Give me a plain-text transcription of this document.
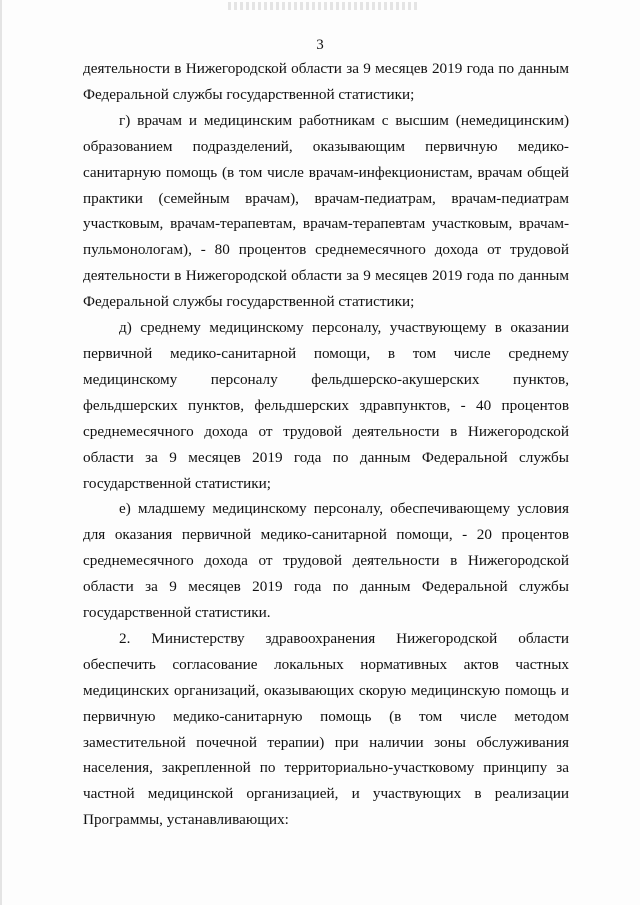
3

деятельности в Нижегородской области за 9 месяцев 2019 года по данным Федеральной службы государственной статистики;

г) врачам и медицинским работникам с высшим (немедицинским) образованием подразделений, оказывающим первичную медико-санитарную помощь (в том числе врачам-инфекционистам, врачам общей практики (семейным врачам), врачам-педиатрам, врачам-педиатрам участковым, врачам-терапевтам, врачам-терапевтам участковым, врачам-пульмонологам), - 80 процентов среднемесячного дохода от трудовой деятельности в Нижегородской области за 9 месяцев 2019 года по данным Федеральной службы государственной статистики;

д) среднему медицинскому персоналу, участвующему в оказании первичной медико-санитарной помощи, в том числе среднему медицинскому персоналу фельдшерско-акушерских пунктов, фельдшерских пунктов, фельдшерских здравпунктов, - 40 процентов среднемесячного дохода от трудовой деятельности в Нижегородской области за 9 месяцев 2019 года по данным Федеральной службы государственной статистики;

е) младшему медицинскому персоналу, обеспечивающему условия для оказания первичной медико-санитарной помощи, - 20 процентов среднемесячного дохода от трудовой деятельности в Нижегородской области за 9 месяцев 2019 года по данным Федеральной службы государственной статистики.

2. Министерству здравоохранения Нижегородской области обеспечить согласование локальных нормативных актов частных медицинских организаций, оказывающих скорую медицинскую помощь и первичную медико-санитарную помощь (в том числе методом заместительной почечной терапии) при наличии зоны обслуживания населения, закрепленной по территориально-участковому принципу за частной медицинской организацией, и участвующих в реализации Программы, устанавливающих:
